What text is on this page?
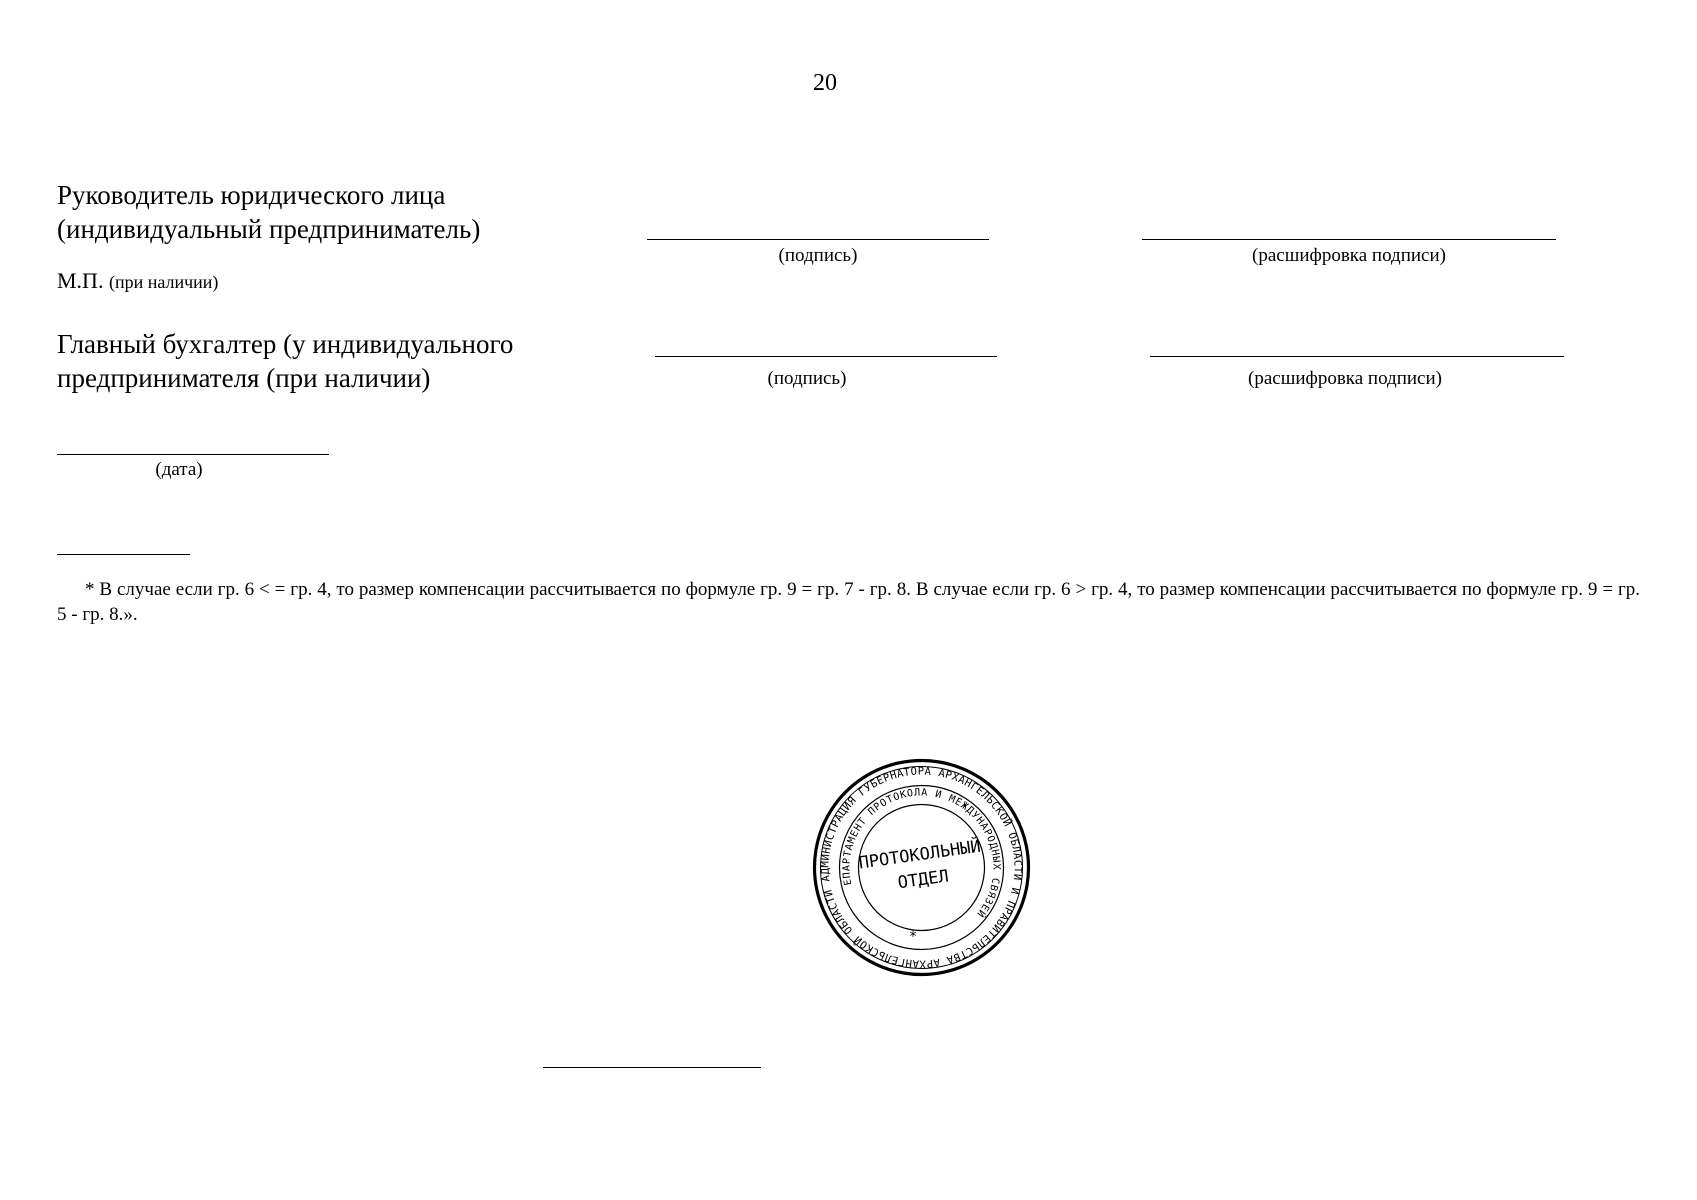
20
Руководитель юридического лица
(индивидуальный предприниматель)
(подпись)	(расшифровка подписи)
М.П. (при наличии)
Главный бухгалтер (у индивидуального
предпринимателя (при наличии)	(подпись)	(расшифровка подписи)
(дата)
* В случае если гр. 6 < = гр. 4, то размер компенсации рассчитывается по формуле гр. 9 = гр. 7 - гр. 8. В случае если гр. 6 > гр. 4, то размер компенсации рассчитывается по формуле гр. 9 = гр. 5 - гр. 8.».
АДМИНИСТРАЦИЯ ГУБЕРНАТОРА АРХАНГЕЛЬСКОЙ ОБЛАСТИ И ПРАВИТЕЛЬСТВА АРХАНГЕЛЬСКОЙ ОБЛАСТИ
ДЕПАРТАМЕНТ ПРОТОКОЛА И МЕЖДУНАРОДНЫХ СВЯЗЕЙ
ПРОТОКОЛЬНЫЙ
ОТДЕЛ
*
